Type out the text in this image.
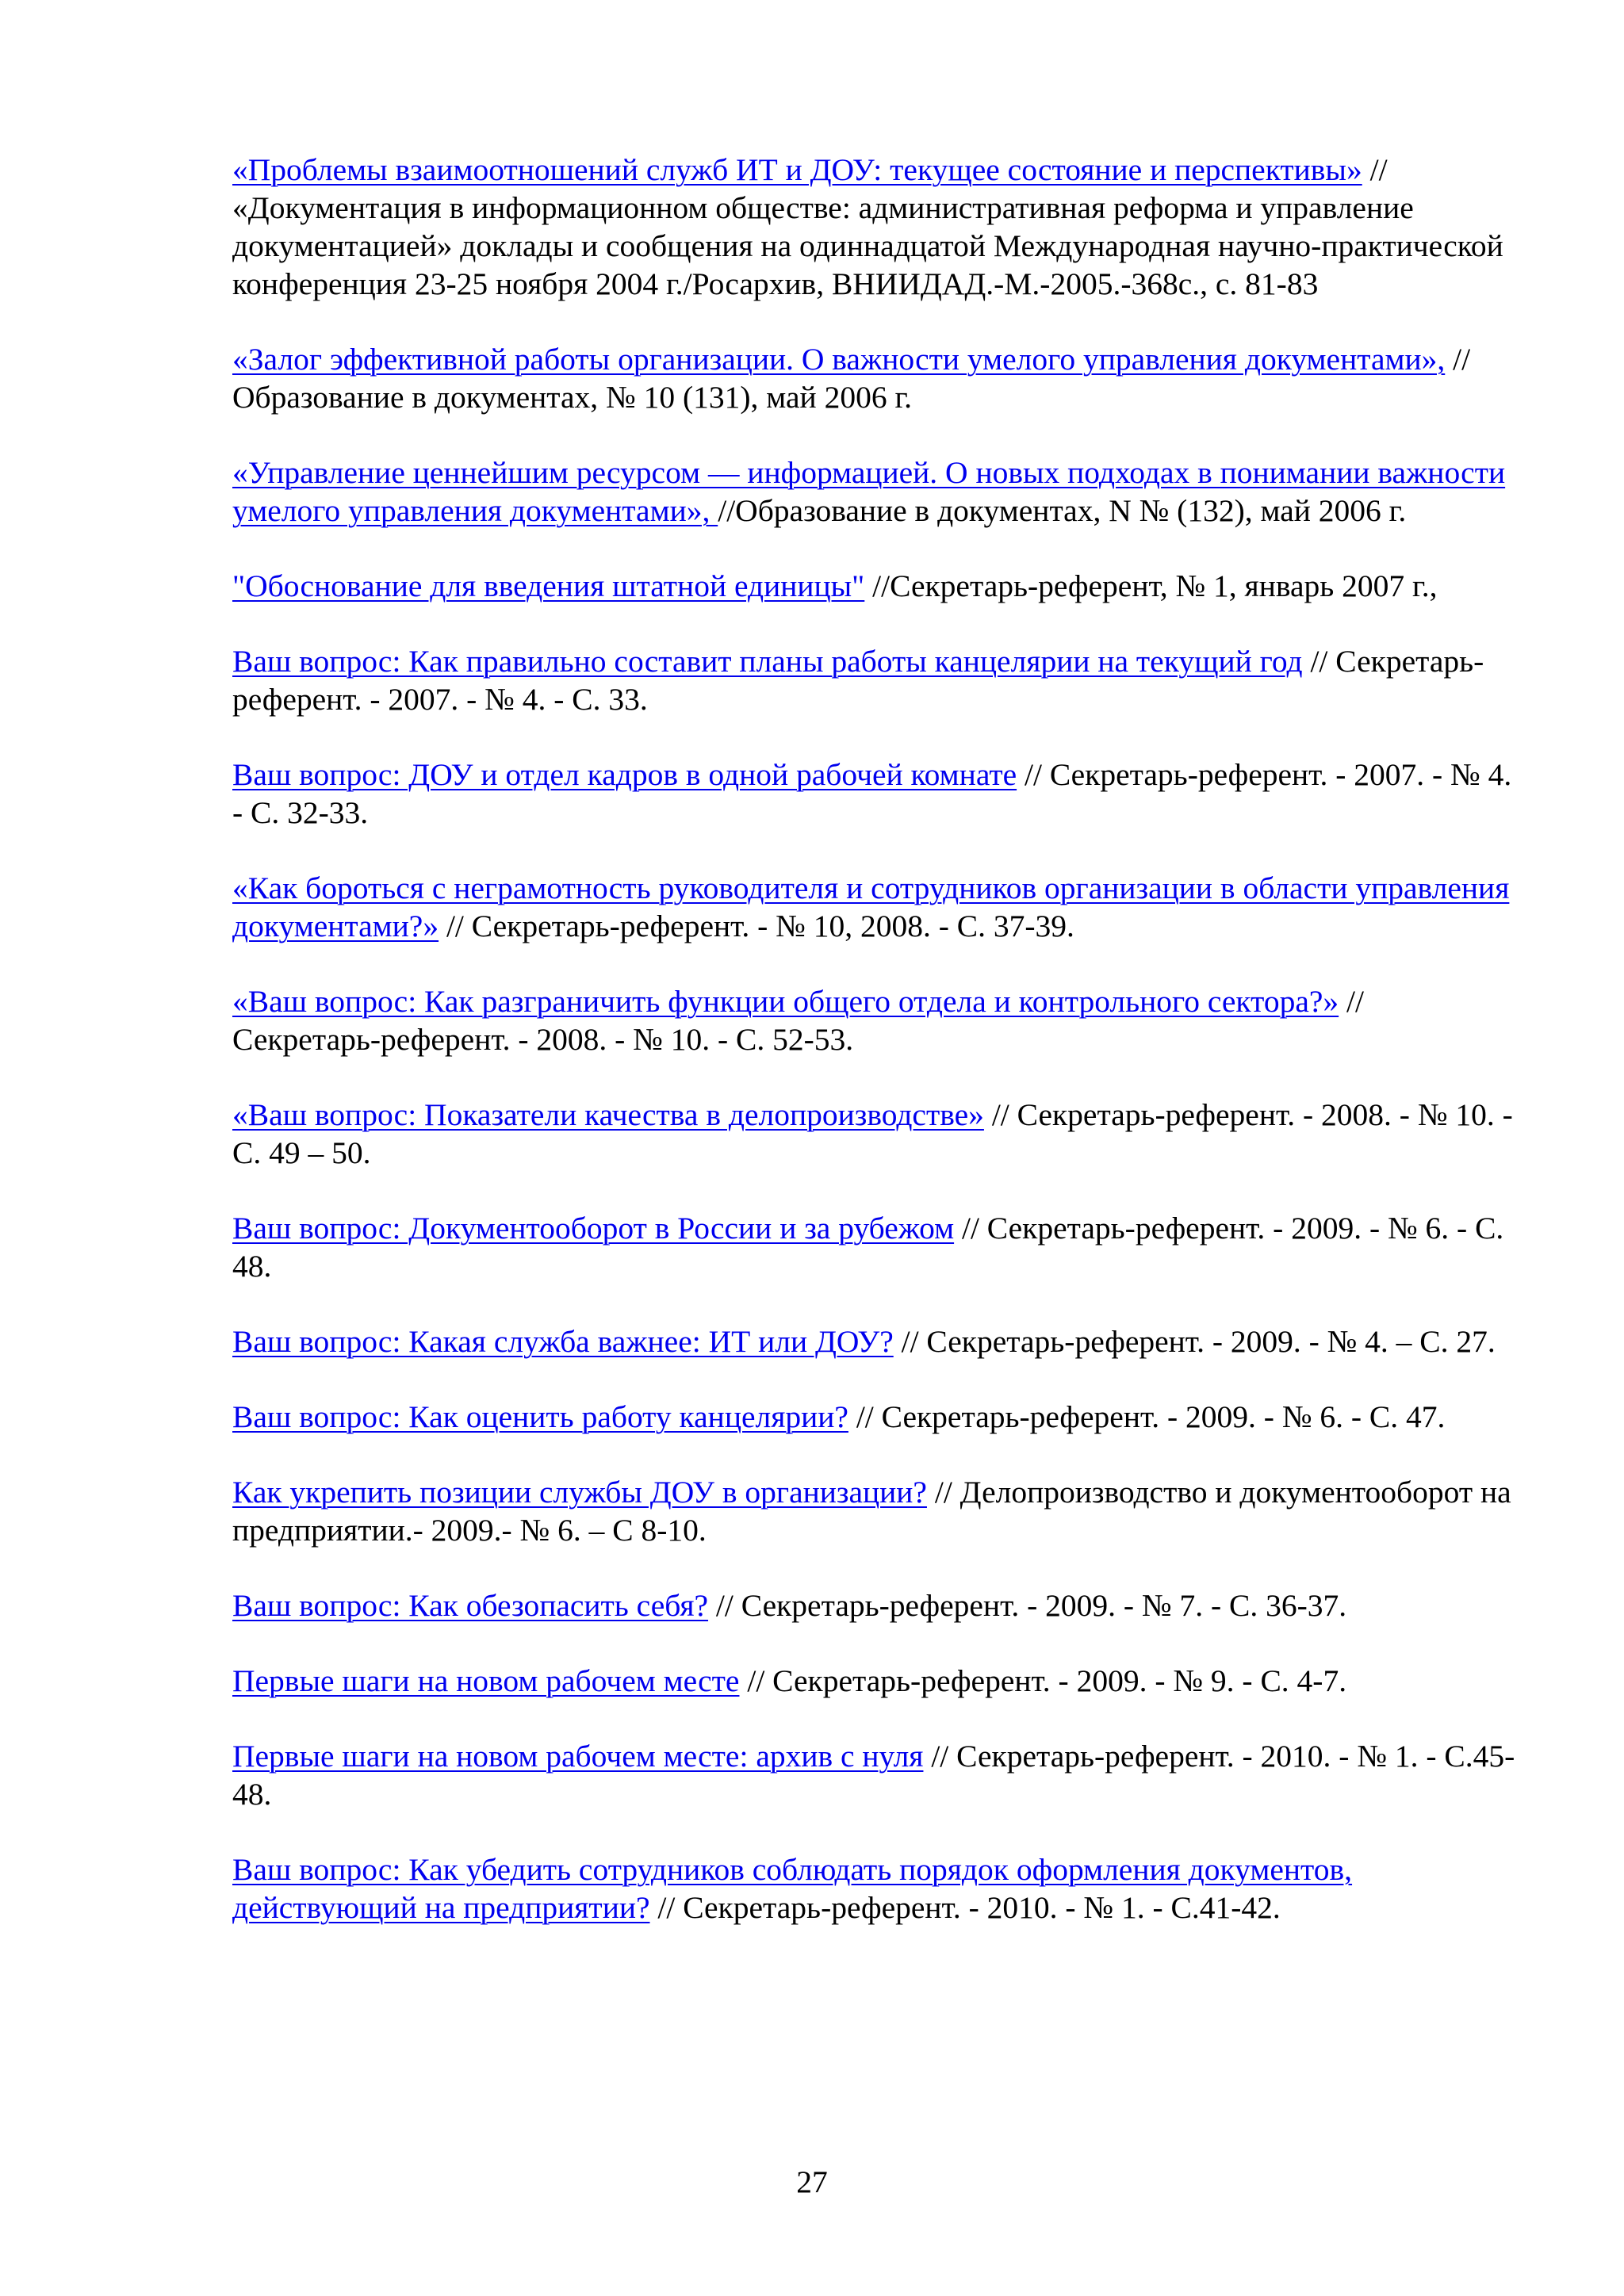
«Проблемы взаимоотношений служб ИТ и ДОУ: текущее состояние и перспективы» // «Документация в информационном обществе: административная реформа и управление документацией» доклады и сообщения на одиннадцатой Международная научно-практической конференция 23-25 ноября 2004 г./Росархив, ВНИИДАД.-М.-2005.-368с., с. 81-83

«Залог эффективной работы организации. О важности умелого управления документами», // Образование в документах, № 10 (131), май 2006 г.

«Управление ценнейшим ресурсом — информацией. О новых подходах в понимании важности умелого управления документами», //Образование в документах, N № (132), май 2006 г.

"Обоснование для введения штатной единицы" //Секретарь-референт, № 1, январь 2007 г.,

Ваш вопрос: Как правильно составит планы работы канцелярии на текущий год // Секретарь-референт. - 2007. - № 4. - С. 33.

Ваш вопрос: ДОУ и отдел кадров в одной рабочей комнате // Секретарь-референт. - 2007. - № 4. - С. 32-33.

«Как бороться с неграмотность руководителя и сотрудников организации в области управления документами?» // Секретарь-референт. - № 10, 2008. - С. 37-39.

«Ваш вопрос: Как разграничить функции общего отдела и контрольного сектора?» // Секретарь-референт. - 2008. - № 10. - С. 52-53.

«Ваш вопрос: Показатели качества в делопроизводстве» // Секретарь-референт. - 2008. - № 10. - С. 49 – 50.

Ваш вопрос: Документооборот в России и за рубежом // Секретарь-референт. - 2009. - № 6. - С. 48.

Ваш вопрос: Какая служба важнее: ИТ или ДОУ? // Секретарь-референт. - 2009. - № 4. – С. 27.

Ваш вопрос: Как оценить работу канцелярии? // Секретарь-референт. - 2009. - № 6. - С. 47.

Как укрепить позиции службы ДОУ в организации? // Делопроизводство и документооборот на предприятии.- 2009.- № 6. – С 8-10.

Ваш вопрос: Как обезопасить себя? // Секретарь-референт. - 2009. - № 7. - С. 36-37.

Первые шаги на новом рабочем месте // Секретарь-референт. - 2009. - № 9. - С. 4-7.

Первые шаги на новом рабочем месте: архив с нуля // Секретарь-референт. - 2010. - № 1. - С.45-48.

Ваш вопрос: Как убедить сотрудников соблюдать порядок оформления документов, действующий на предприятии? // Секретарь-референт. - 2010. - № 1. - С.41-42.

27
